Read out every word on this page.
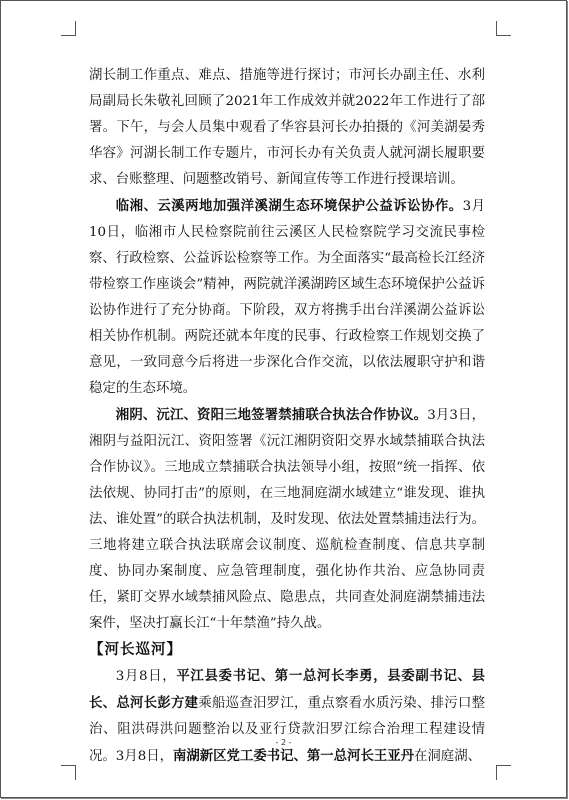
湖长制工作重点、难点、措施等进行探讨；市河长办副主任、水利局副局长朱敬礼回顾了2021年工作成效并就2022年工作进行了部署。下午，与会人员集中观看了华容县河长办拍摄的《河美湖晏秀华容》河湖长制工作专题片，市河长办有关负责人就河湖长履职要求、台账整理、问题整改销号、新闻宣传等工作进行授课培训。

临湘、云溪两地加强洋溪湖生态环境保护公益诉讼协作。3月10日，临湘市人民检察院前往云溪区人民检察院学习交流民事检察、行政检察、公益诉讼检察等工作。为全面落实“最高检长江经济带检察工作座谈会”精神，两院就洋溪湖跨区域生态环境保护公益诉讼协作进行了充分协商。下阶段，双方将携手出台洋溪湖公益诉讼相关协作机制。两院还就本年度的民事、行政检察工作规划交换了意见，一致同意今后将进一步深化合作交流，以依法履职守护和谐稳定的生态环境。

湘阴、沅江、资阳三地签署禁捕联合执法合作协议。3月3日，湘阴与益阳沅江、资阳签署《沅江湘阴资阳交界水域禁捕联合执法合作协议》。三地成立禁捕联合执法领导小组，按照“统一指挥、依法依规、协同打击”的原则，在三地洞庭湖水域建立“谁发现、谁执法、谁处置”的联合执法机制，及时发现、依法处置禁捕违法行为。三地将建立联合执法联席会议制度、巡航检查制度、信息共享制度、协同办案制度、应急管理制度，强化协作共治、应急协同责任，紧盯交界水域禁捕风险点、隐患点，共同查处洞庭湖禁捕违法案件，坚决打赢长江“十年禁渔”持久战。

【河长巡河】

3月8日，平江县委书记、第一总河长李勇，县委副书记、县长、总河长彭方建乘船巡查汨罗江，重点察看水质污染、排污口整治、阻洪碍洪问题整治以及亚行贷款汨罗江综合治理工程建设情况。3月8日，南湖新区党工委书记、第一总河长王亚丹在洞庭湖、

- 2 -
